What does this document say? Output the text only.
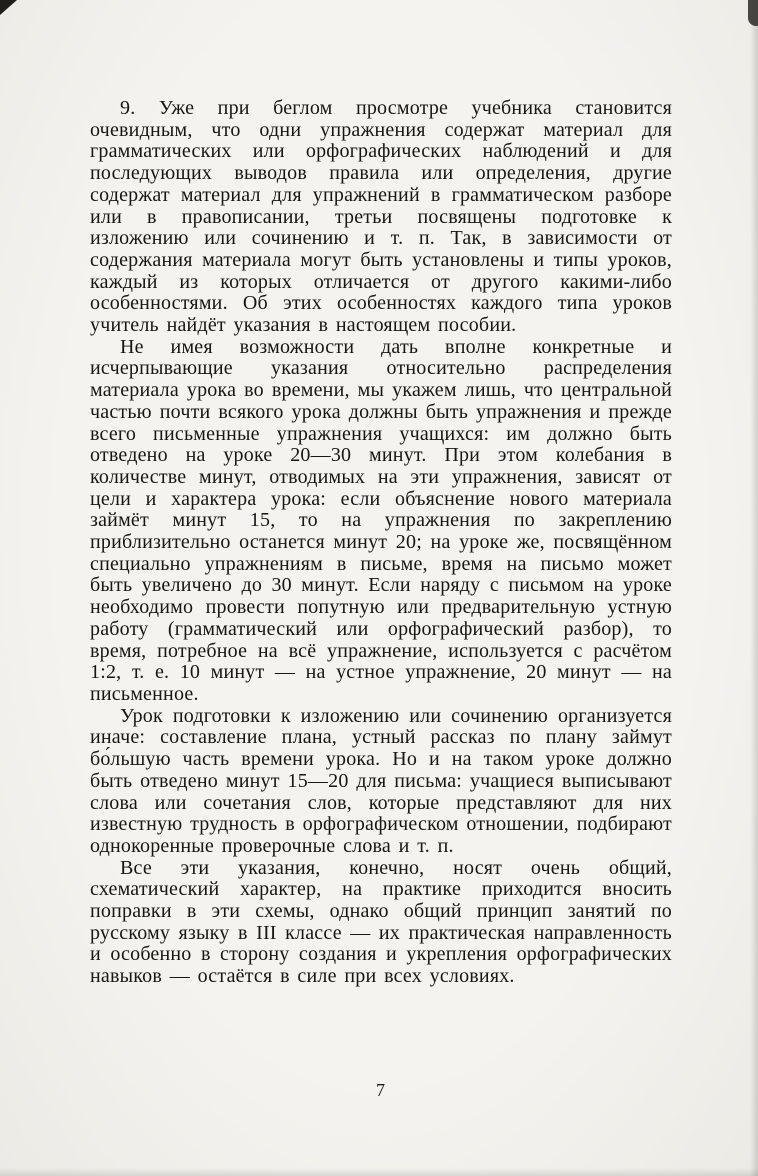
9. Уже при беглом просмотре учебника становится очевидным, что одни упражнения содержат материал для грамматических или орфографических наблюдений и для последующих выводов правила или определения, другие содержат материал для упражнений в грамматическом разборе или в правописании, третьи посвящены подготовке к изложению или сочинению и т. п. Так, в зависимости от содержания материала могут быть установлены и типы уроков, каждый из которых отличается от другого какими-либо особенностями. Об этих особенностях каждого типа уроков учитель найдёт указания в настоящем пособии.

Не имея возможности дать вполне конкретные и исчерпывающие указания относительно распределения материала урока во времени, мы укажем лишь, что центральной частью почти всякого урока должны быть упражнения и прежде всего письменные упражнения учащихся: им должно быть отведено на уроке 20—30 минут. При этом колебания в количестве минут, отводимых на эти упражнения, зависят от цели и характера урока: если объяснение нового материала займёт минут 15, то на упражнения по закреплению приблизительно останется минут 20; на уроке же, посвящённом специально упражнениям в письме, время на письмо может быть увеличено до 30 минут. Если наряду с письмом на уроке необходимо провести попутную или предварительную устную работу (грамматический или орфографический разбор), то время, потребное на всё упражнение, используется с расчётом 1:2, т. е. 10 минут — на устное упражнение, 20 минут — на письменное.

Урок подготовки к изложению или сочинению организуется иначе: составление плана, устный рассказ по плану займут бо́льшую часть времени урока. Но и на таком уроке должно быть отведено минут 15—20 для письма: учащиеся выписывают слова или сочетания слов, которые представляют для них известную трудность в орфографическом отношении, подбирают однокоренные проверочные слова и т. п.

Все эти указания, конечно, носят очень общий, схематический характер, на практике приходится вносить поправки в эти схемы, однако общий принцип занятий по русскому языку в III классе — их практическая направленность и особенно в сторону создания и укрепления орфографических навыков — остаётся в силе при всех условиях.

7
